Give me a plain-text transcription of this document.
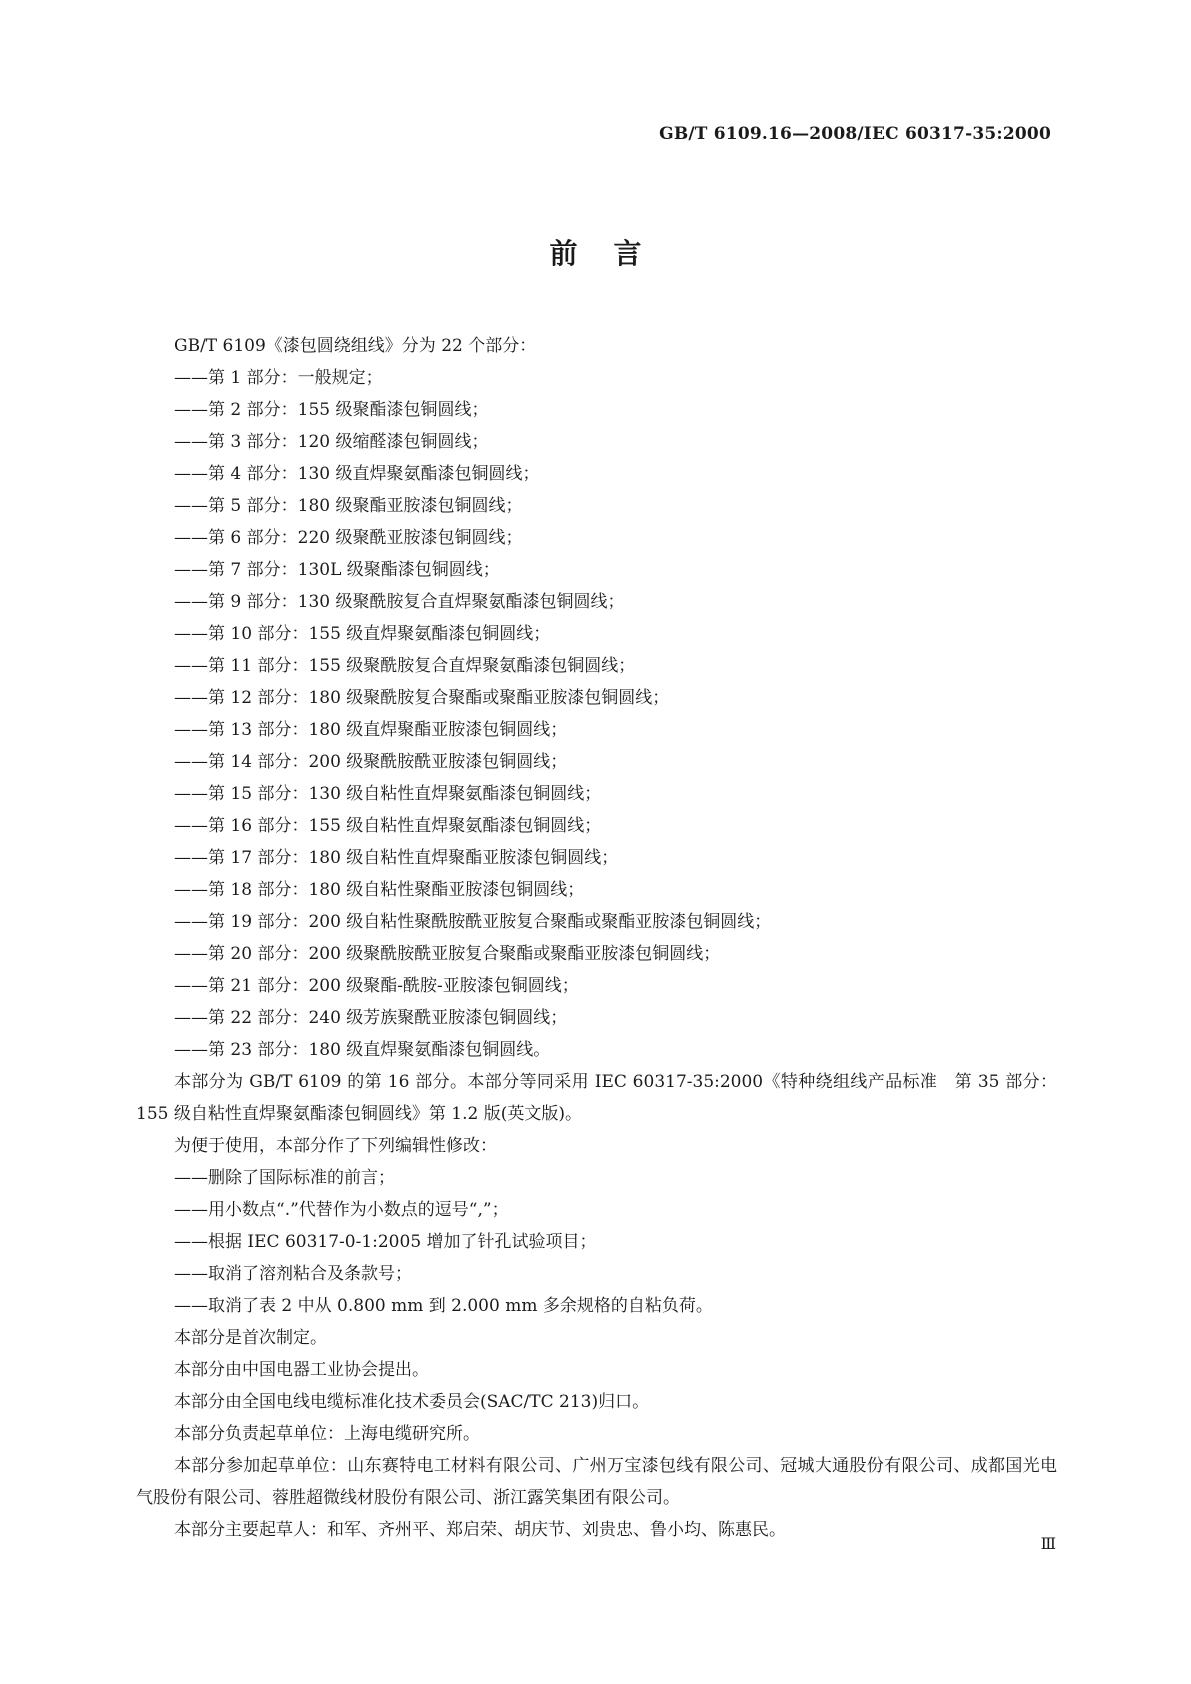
GB/T 6109.16—2008/IEC 60317-35:2000
前言
GB/T 6109《漆包圆绕组线》分为 22 个部分：
——第 1 部分：一般规定；
——第 2 部分：155 级聚酯漆包铜圆线；
——第 3 部分：120 级缩醛漆包铜圆线；
——第 4 部分：130 级直焊聚氨酯漆包铜圆线；
——第 5 部分：180 级聚酯亚胺漆包铜圆线；
——第 6 部分：220 级聚酰亚胺漆包铜圆线；
——第 7 部分：130L 级聚酯漆包铜圆线；
——第 9 部分：130 级聚酰胺复合直焊聚氨酯漆包铜圆线；
——第 10 部分：155 级直焊聚氨酯漆包铜圆线；
——第 11 部分：155 级聚酰胺复合直焊聚氨酯漆包铜圆线；
——第 12 部分：180 级聚酰胺复合聚酯或聚酯亚胺漆包铜圆线；
——第 13 部分：180 级直焊聚酯亚胺漆包铜圆线；
——第 14 部分：200 级聚酰胺酰亚胺漆包铜圆线；
——第 15 部分：130 级自粘性直焊聚氨酯漆包铜圆线；
——第 16 部分：155 级自粘性直焊聚氨酯漆包铜圆线；
——第 17 部分：180 级自粘性直焊聚酯亚胺漆包铜圆线；
——第 18 部分：180 级自粘性聚酯亚胺漆包铜圆线；
——第 19 部分：200 级自粘性聚酰胺酰亚胺复合聚酯或聚酯亚胺漆包铜圆线；
——第 20 部分：200 级聚酰胺酰亚胺复合聚酯或聚酯亚胺漆包铜圆线；
——第 21 部分：200 级聚酯-酰胺-亚胺漆包铜圆线；
——第 22 部分：240 级芳族聚酰亚胺漆包铜圆线；
——第 23 部分：180 级直焊聚氨酯漆包铜圆线。
本部分为 GB/T 6109 的第 16 部分。本部分等同采用 IEC 60317-35:2000《特种绕组线产品标准　第 35 部分：155 级自粘性直焊聚氨酯漆包铜圆线》第 1.2 版(英文版)。
为便于使用，本部分作了下列编辑性修改：
——删除了国际标准的前言；
——用小数点“.”代替作为小数点的逗号“,”；
——根据 IEC 60317-0-1:2005 增加了针孔试验项目；
——取消了溶剂粘合及条款号；
——取消了表 2 中从 0.800 mm 到 2.000 mm 多余规格的自粘负荷。
本部分是首次制定。
本部分由中国电器工业协会提出。
本部分由全国电线电缆标准化技术委员会(SAC/TC 213)归口。
本部分负责起草单位：上海电缆研究所。
本部分参加起草单位：山东赛特电工材料有限公司、广州万宝漆包线有限公司、冠城大通股份有限公司、成都国光电气股份有限公司、蓉胜超微线材股份有限公司、浙江露笑集团有限公司。
本部分主要起草人：和军、齐州平、郑启荣、胡庆节、刘贵忠、鲁小均、陈惠民。
Ⅲ
